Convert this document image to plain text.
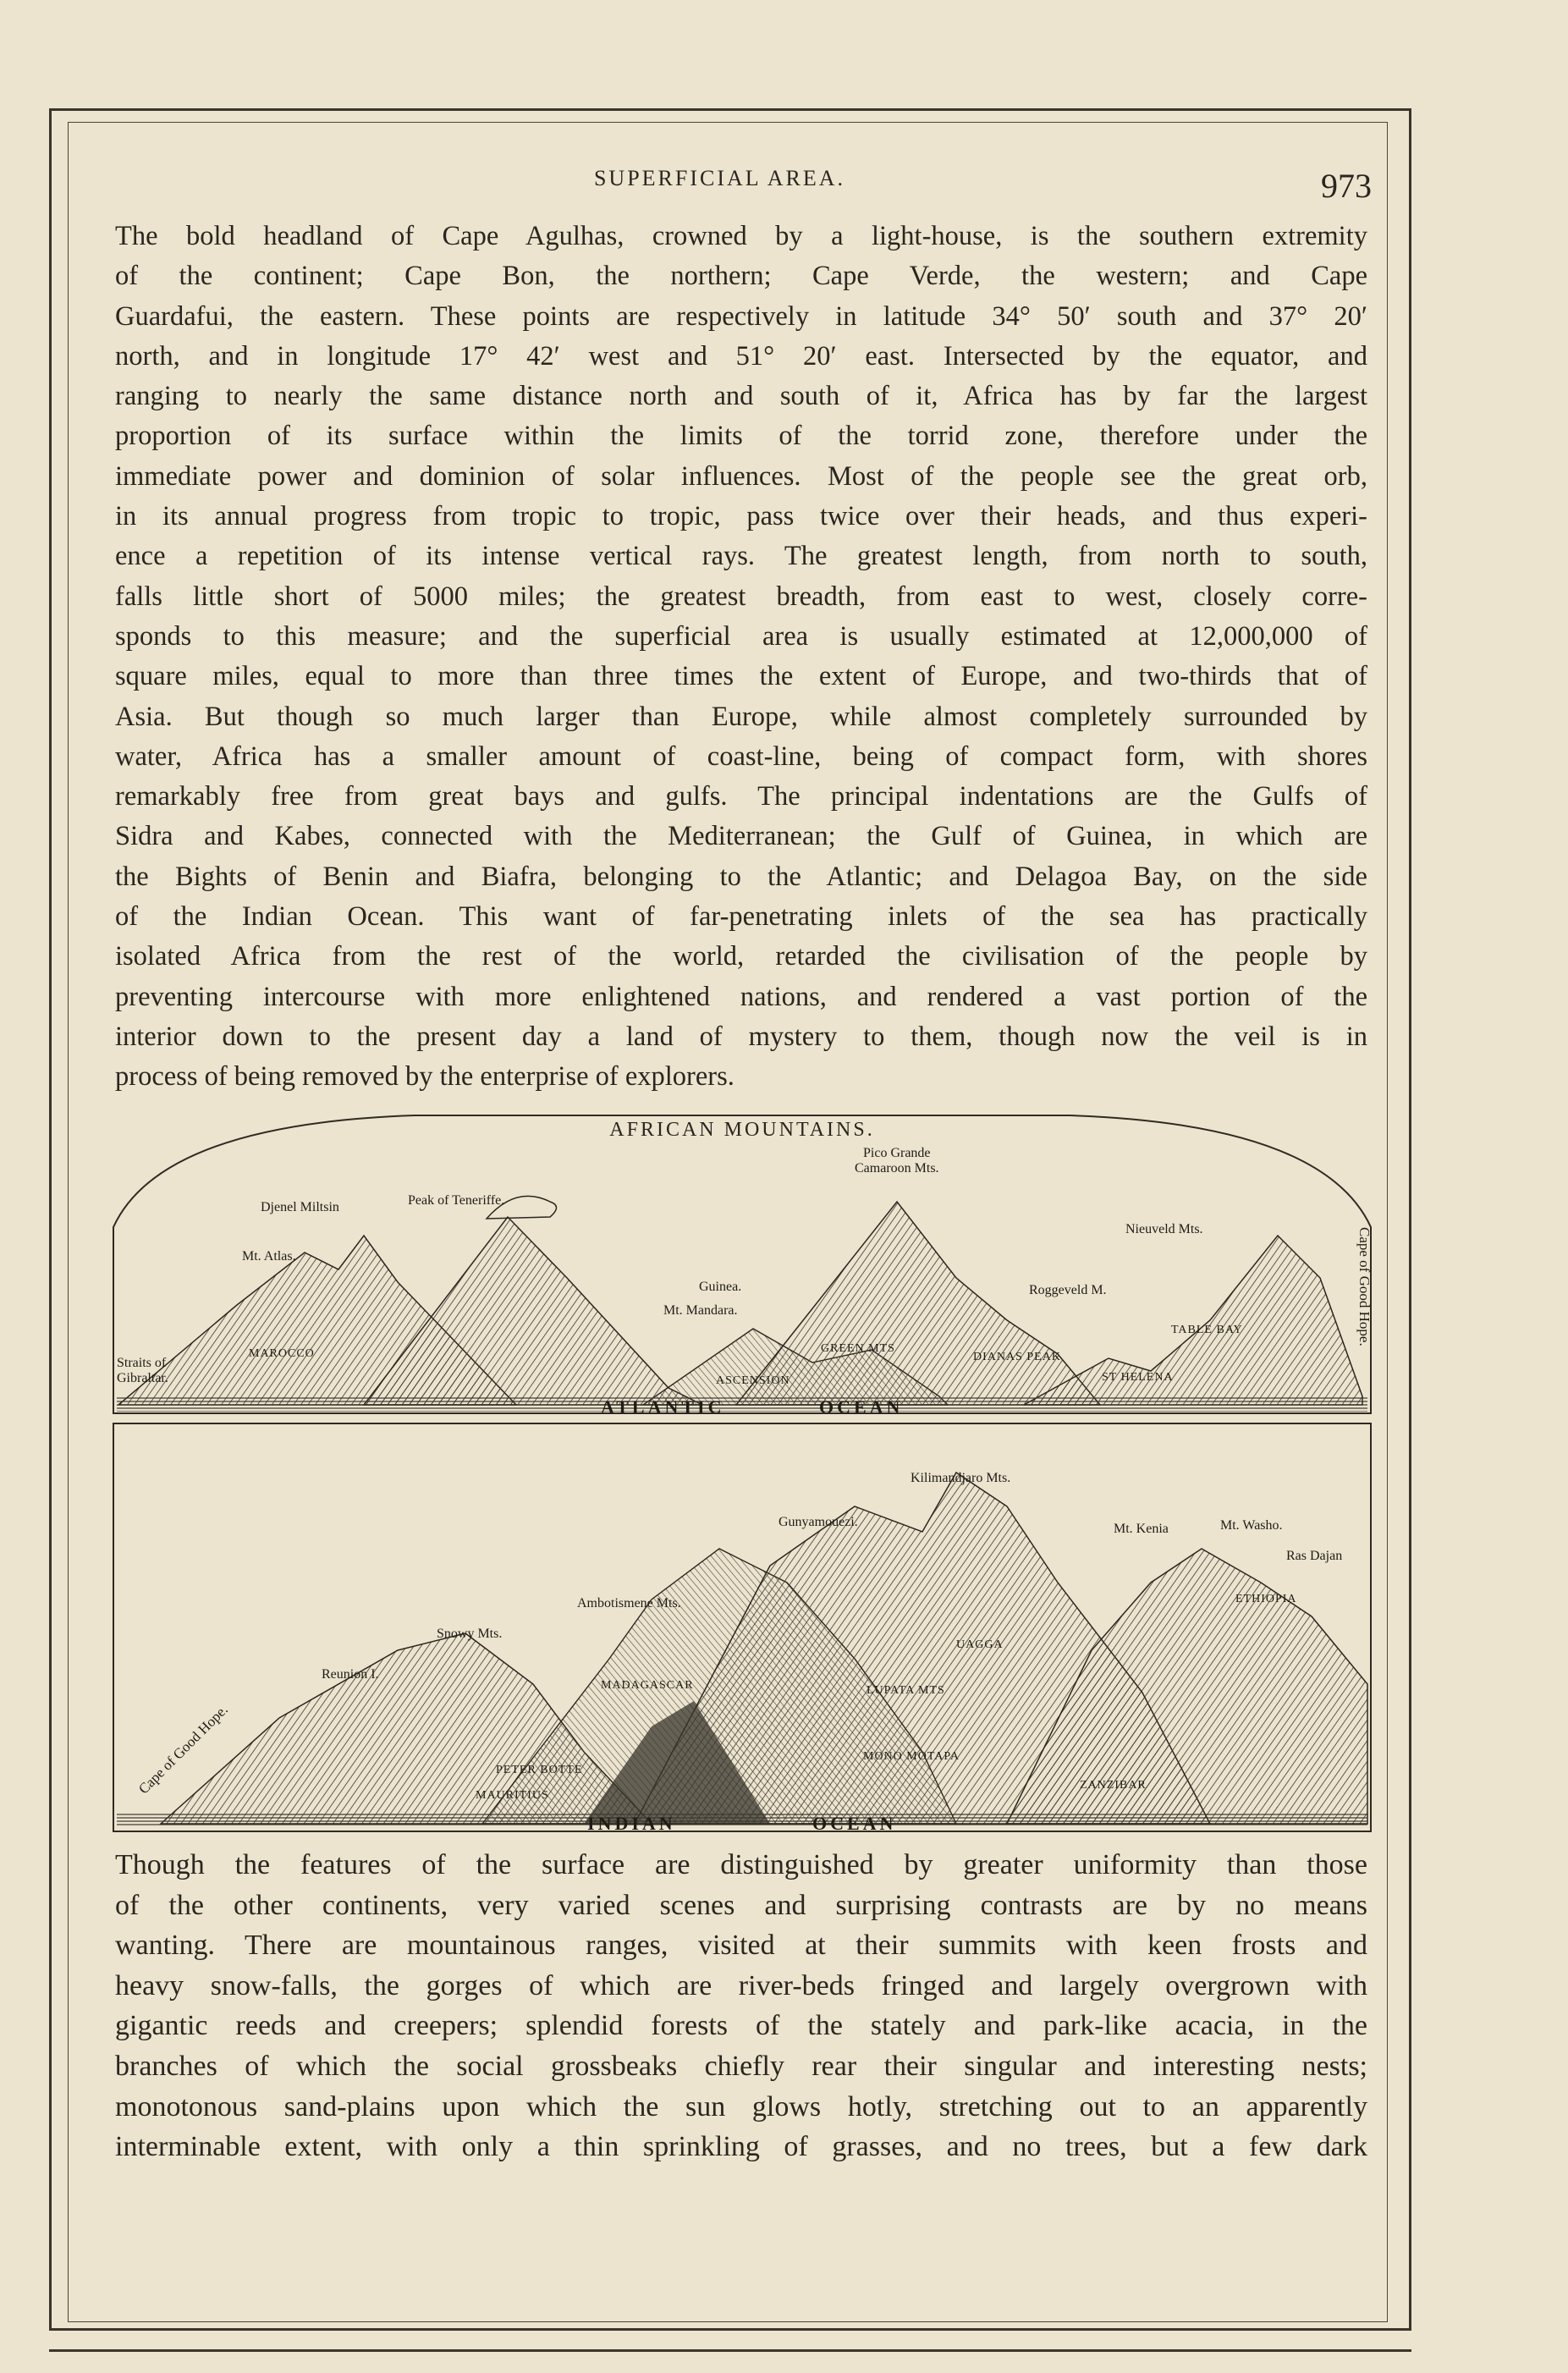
SUPERFICIAL AREA.	973
The bold headland of Cape Agulhas, crowned by a light-house, is the southern extremity
of the continent; Cape Bon, the northern; Cape Verde, the western; and Cape
Guardafui, the eastern. These points are respectively in latitude 34° 50′ south and 37° 20′
north, and in longitude 17° 42′ west and 51° 20′ east. Intersected by the equator, and
ranging to nearly the same distance north and south of it, Africa has by far the largest
proportion of its surface within the limits of the torrid zone, therefore under the
immediate power and dominion of solar influences. Most of the people see the great orb,
in its annual progress from tropic to tropic, pass twice over their heads, and thus experi-
ence a repetition of its intense vertical rays. The greatest length, from north to south,
falls little short of 5000 miles; the greatest breadth, from east to west, closely corre-
sponds to this measure; and the superficial area is usually estimated at 12,000,000 of
square miles, equal to more than three times the extent of Europe, and two-thirds that of
Asia. But though so much larger than Europe, while almost completely surrounded by
water, Africa has a smaller amount of coast-line, being of compact form, with shores
remarkably free from great bays and gulfs. The principal indentations are the Gulfs of
Sidra and Kabes, connected with the Mediterranean; the Gulf of Guinea, in which are
the Bights of Benin and Biafra, belonging to the Atlantic; and Delagoa Bay, on the side
of the Indian Ocean. This want of far-penetrating inlets of the sea has practically
isolated Africa from the rest of the world, retarded the civilisation of the people by
preventing intercourse with more enlightened nations, and rendered a vast portion of the
interior down to the present day a land of mystery to them, though now the veil is in
process of being removed by the enterprise of explorers.
AFRICAN MOUNTAINS.
Djenel Miltsin	Peak of Teneriffe.
Pico Grande
Camaroon Mts.
Nieuveld Mts.
Mt. Atlas.
Guinea.	Roggeveld M.
Mt. Mandara.
Straits of
Gibraltar.
MAROCCO	GREEN MTS
DIANAS PEAK
TABLE BAY
ASCENSION	ST HELENA
Cape of Good Hope.
ATLANTIC	OCEAN
Kilimandjaro Mts.
Gunyamouezi.	Mt. Kenia	Mt. Washo.
Ras Dajan
Ambotismene Mts.	ETHIOPIA
Snowy Mts.
UAGGA
Reunion I.
MADAGASCAR	LUPATA MTS
Cape of Good Hope.	PETER BOTTE
MONO MOTAPA
ZANZIBAR
MAURITIUS
INDIAN	OCEAN
Though the features of the surface are distinguished by greater uniformity than those
of the other continents, very varied scenes and surprising contrasts are by no means
wanting. There are mountainous ranges, visited at their summits with keen frosts and
heavy snow-falls, the gorges of which are river-beds fringed and largely overgrown with
gigantic reeds and creepers; splendid forests of the stately and park-like acacia, in the
branches of which the social grossbeaks chiefly rear their singular and interesting nests;
monotonous sand-plains upon which the sun glows hotly, stretching out to an apparently
interminable extent, with only a thin sprinkling of grasses, and no trees, but a few dark
